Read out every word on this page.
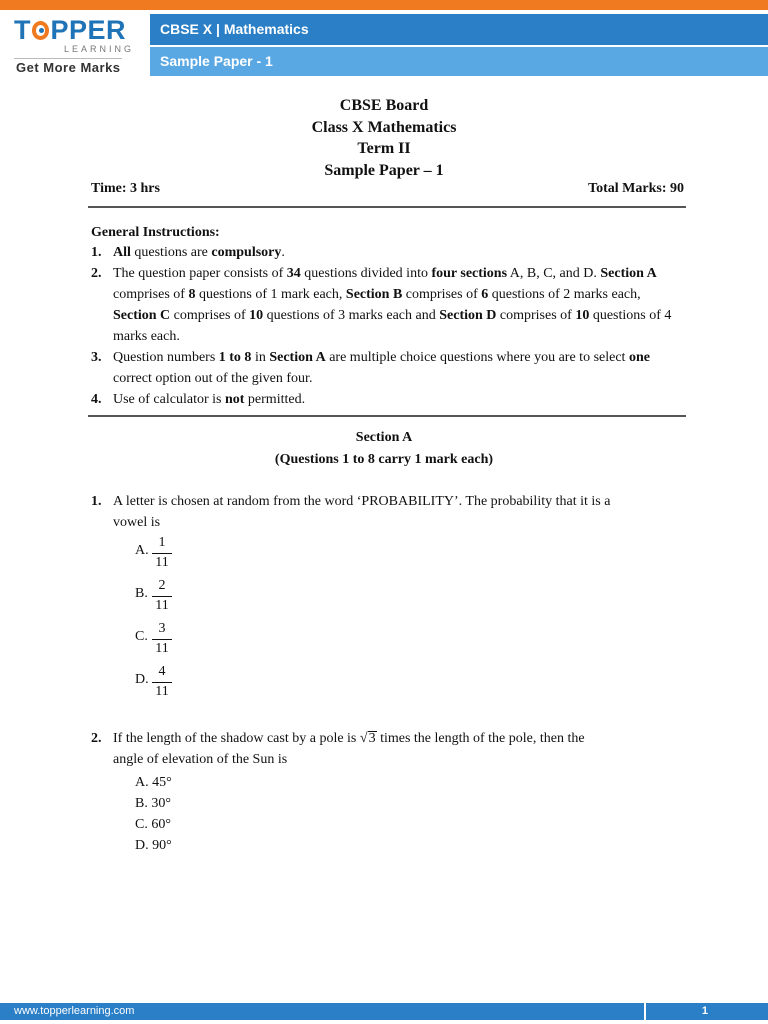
T PPER
LEARNING
Get More Marks
CBSE X | Mathematics
Sample Paper - 1
CBSE Board
Class X Mathematics
Term II
Sample Paper – 1
Time: 3 hrs	Total Marks: 90
General Instructions:
1. All questions are compulsory.
2. The question paper consists of 34 questions divided into four sections A, B, C, and D. Section A comprises of 8 questions of 1 mark each, Section B comprises of 6 questions of 2 marks each, Section C comprises of 10 questions of 3 marks each and Section D comprises of 10 questions of 4 marks each.
3. Question numbers 1 to 8 in Section A are multiple choice questions where you are to select one correct option out of the given four.
4. Use of calculator is not permitted.
Section A
(Questions 1 to 8 carry 1 mark each)
1. A letter is chosen at random from the word ‘PROBABILITY’. The probability that it is a
vowel is
A. $\frac{1}{11}$
B. $\frac{2}{11}$
C. $\frac{3}{11}$
D. $\frac{4}{11}$
2. If the length of the shadow cast by a pole is √3 times the length of the pole, then the
angle of elevation of the Sun is
A. 45°
B. 30°
C. 60°
D. 90°
www.topperlearning.com	1
